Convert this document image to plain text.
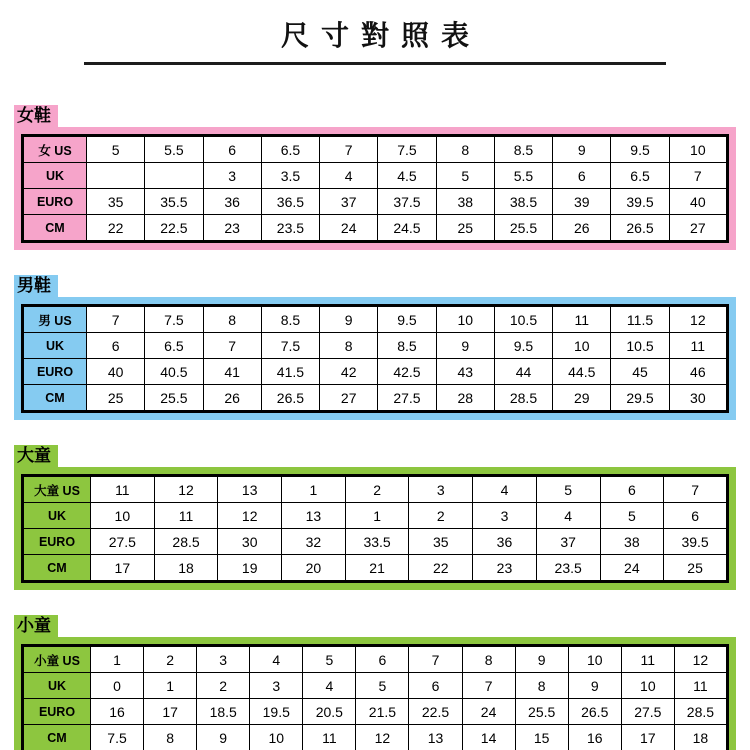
尺寸對照表
女鞋
女 US	5	5.5	6	6.5	7	7.5	8	8.5	9	9.5	10
UK			3	3.5	4	4.5	5	5.5	6	6.5	7
EURO	35	35.5	36	36.5	37	37.5	38	38.5	39	39.5	40
CM	22	22.5	23	23.5	24	24.5	25	25.5	26	26.5	27
男鞋
男 US	7	7.5	8	8.5	9	9.5	10	10.5	11	11.5	12
UK	6	6.5	7	7.5	8	8.5	9	9.5	10	10.5	11
EURO	40	40.5	41	41.5	42	42.5	43	44	44.5	45	46
CM	25	25.5	26	26.5	27	27.5	28	28.5	29	29.5	30
大童
大童 US	11	12	13	1	2	3	4	5	6	7
UK	10	11	12	13	1	2	3	4	5	6
EURO	27.5	28.5	30	32	33.5	35	36	37	38	39.5
CM	17	18	19	20	21	22	23	23.5	24	25
小童
小童 US	1	2	3	4	5	6	7	8	9	10	11	12
UK	0	1	2	3	4	5	6	7	8	9	10	11
EURO	16	17	18.5	19.5	20.5	21.5	22.5	24	25.5	26.5	27.5	28.5
CM	7.5	8	9	10	11	12	13	14	15	16	17	18
